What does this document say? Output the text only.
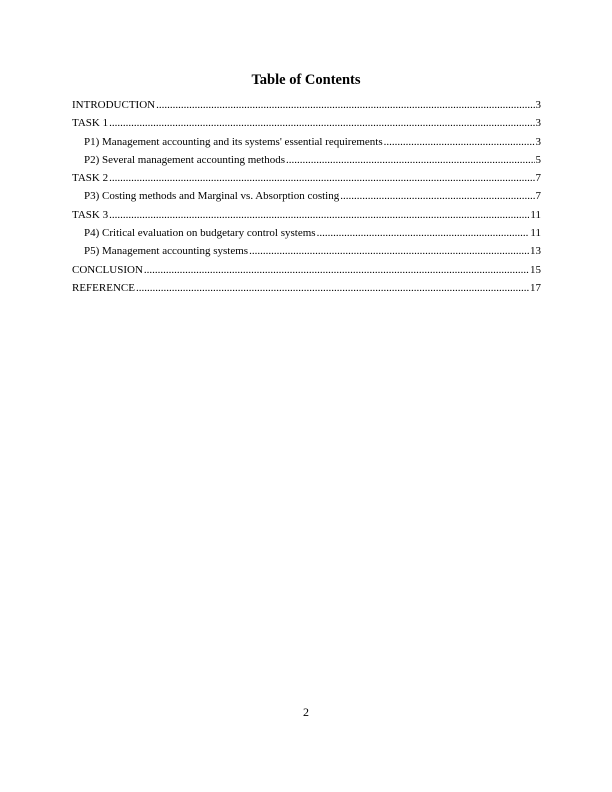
Table of Contents
INTRODUCTION .....	3
TASK 1 .....	3
P1) Management accounting and its systems' essential requirements .....	3
P2) Several management accounting methods .....	5
TASK 2 .....	7
P3) Costing methods and Marginal vs. Absorption costing .....	7
TASK 3 .....	11
P4) Critical evaluation on budgetary control systems .....	11
P5) Management accounting systems .....	13
CONCLUSION .....	15
REFERENCE .....	17
2
